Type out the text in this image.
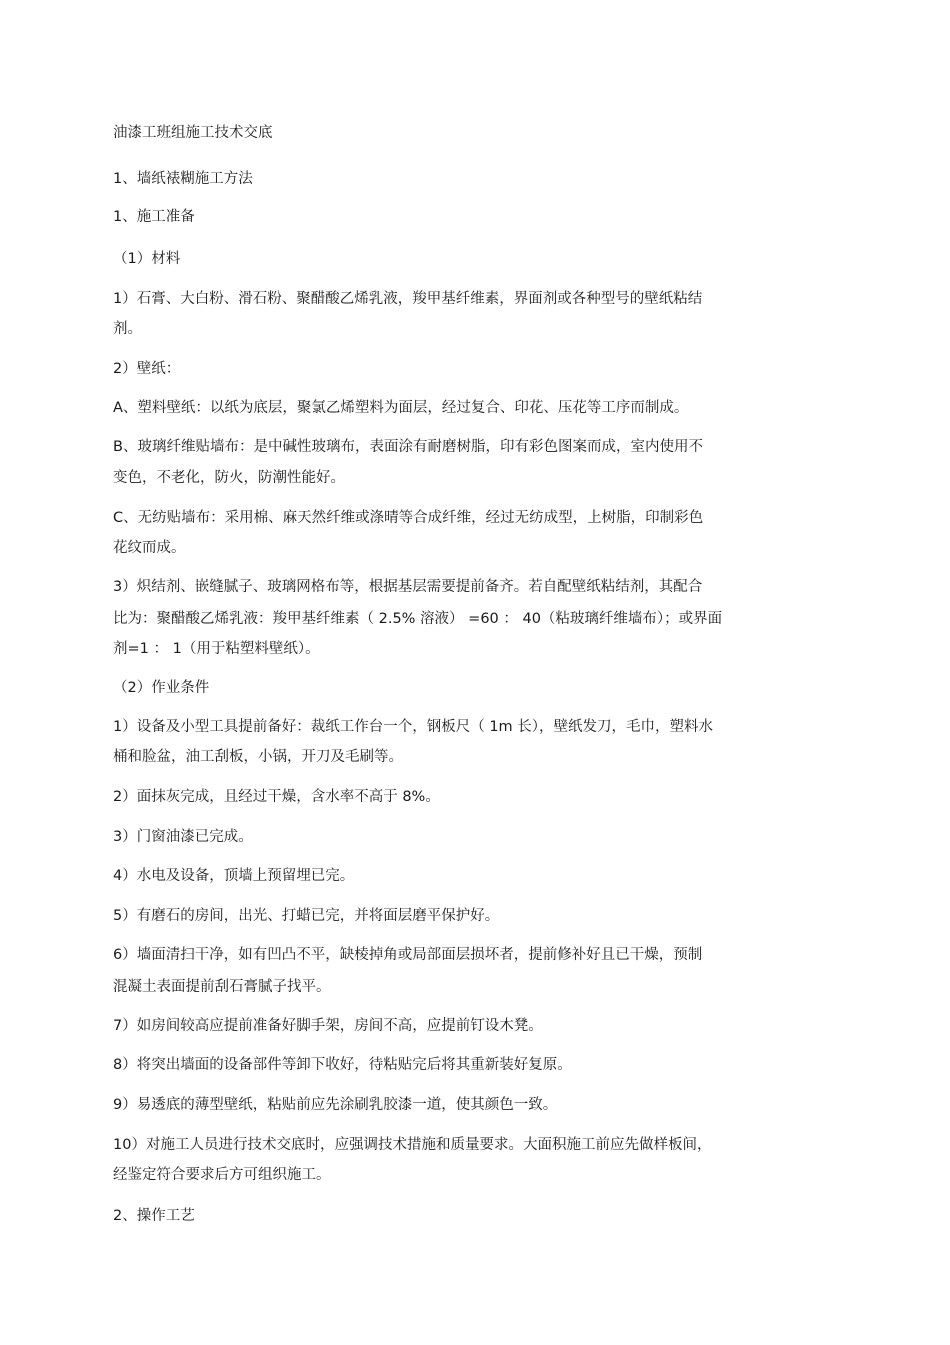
油漆工班组施工技术交底
1、墙纸裱糊施工方法
1、施工准备
（1）材料
1）石膏、大白粉、滑石粉、聚醋酸乙烯乳液，羧甲基纤维素，界面剂或各种型号的壁纸粘结
剂。
2）壁纸：
A、塑料壁纸：以纸为底层，聚氯乙烯塑料为面层，经过复合、印花、压花等工序而制成。
B、玻璃纤维贴墙布：是中碱性玻璃布，表面涂有耐磨树脂，印有彩色图案而成，室内使用不
变色，不老化，防火，防潮性能好。
C、无纺贴墙布：采用棉、麻天然纤维或涤晴等合成纤维，经过无纺成型，上树脂，印制彩色
花纹而成。
3）炽结剂、嵌缝腻子、玻璃网格布等，根据基层需要提前备齐。若自配壁纸粘结剂，其配合
比为：聚醋酸乙烯乳液：羧甲基纤维素（ 2.5% 溶液） =60 ： 40（粘玻璃纤维墙布）；或界面
剂=1 ： 1（用于粘塑料壁纸）。
（2）作业条件
1）设备及小型工具提前备好：裁纸工作台一个，钢板尺（ 1m 长），壁纸发刀，毛巾，塑料水
桶和脸盆，油工刮板，小锅，开刀及毛刷等。
2）面抹灰完成，且经过干燥，含水率不高于 8%。
3）门窗油漆已完成。
4）水电及设备，顶墙上预留埋已完。
5）有磨石的房间，出光、打蜡已完，并将面层磨平保护好。
6）墙面清扫干净，如有凹凸不平，缺棱掉角或局部面层损坏者，提前修补好且已干燥，预制
混凝土表面提前刮石膏腻子找平。
7）如房间较高应提前准备好脚手架，房间不高，应提前钉设木凳。
8）将突出墙面的设备部件等卸下收好，待粘贴完后将其重新装好复原。
9）易透底的薄型壁纸，粘贴前应先涂刷乳胶漆一道，使其颜色一致。
10）对施工人员进行技术交底时，应强调技术措施和质量要求。大面积施工前应先做样板间，
经鉴定符合要求后方可组织施工。
2、操作工艺
